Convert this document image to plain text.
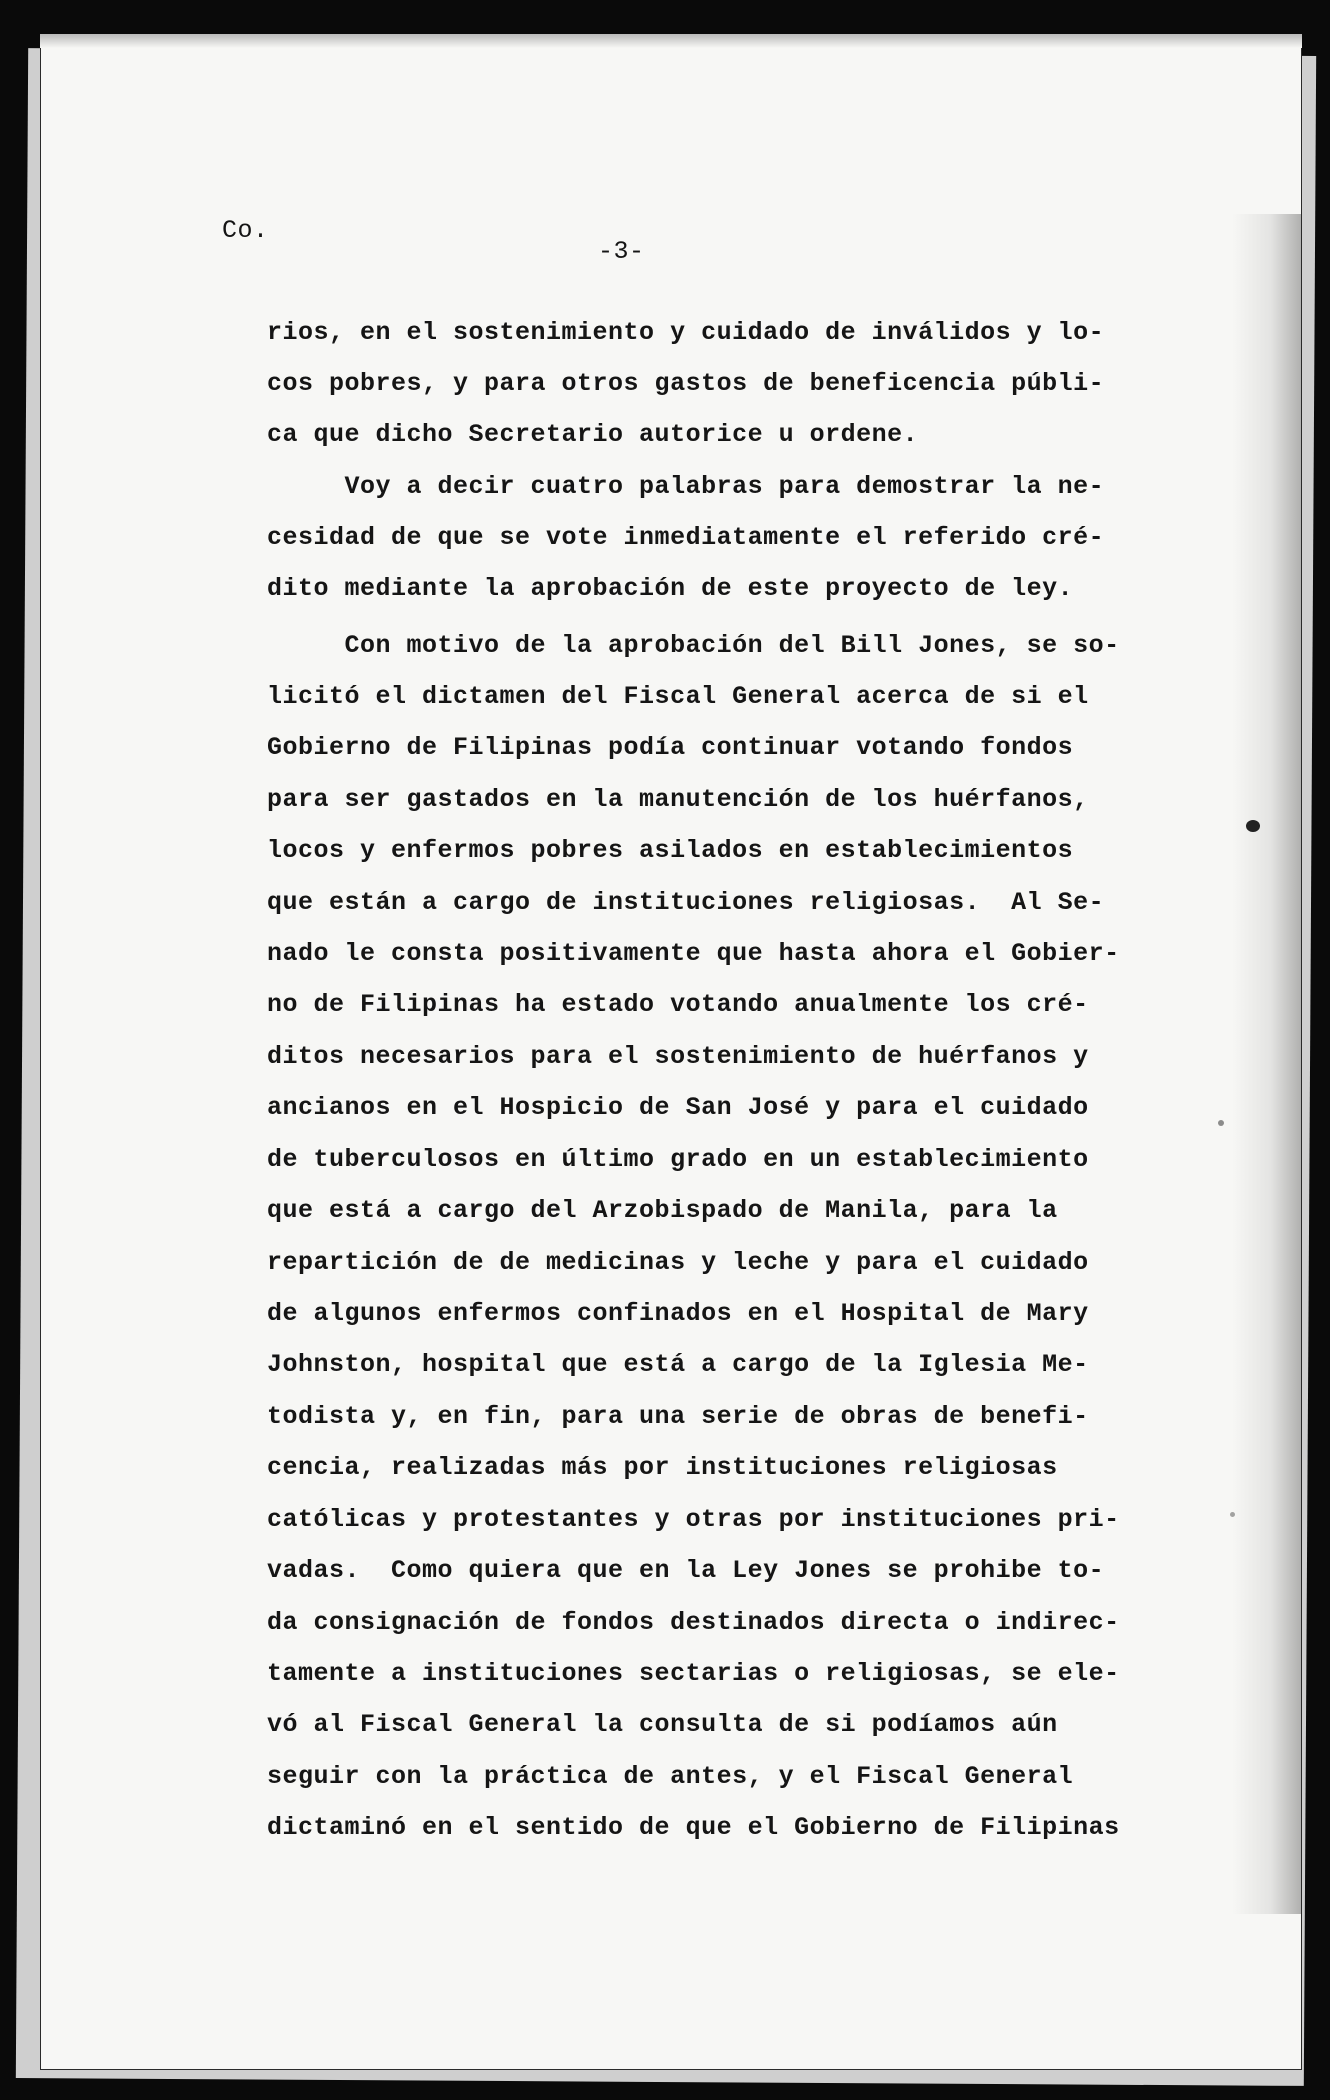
Co.
-3-
rios, en el sostenimiento y cuidado de inválidos y lo-
cos pobres, y para otros gastos de beneficencia públi-
ca que dicho Secretario autorice u ordene.
Voy a decir cuatro palabras para demostrar la ne-
cesidad de que se vote inmediatamente el referido cré-
dito mediante la aprobación de este proyecto de ley.
Con motivo de la aprobación del Bill Jones, se so-
licitó el dictamen del Fiscal General acerca de si el
Gobierno de Filipinas podía continuar votando fondos
para ser gastados en la manutención de los huérfanos,
locos y enfermos pobres asilados en establecimientos
que están a cargo de instituciones religiosas.  Al Se-
nado le consta positivamente que hasta ahora el Gobier-
no de Filipinas ha estado votando anualmente los cré-
ditos necesarios para el sostenimiento de huérfanos y
ancianos en el Hospicio de San José y para el cuidado
de tuberculosos en último grado en un establecimiento
que está a cargo del Arzobispado de Manila, para la
repartición de de medicinas y leche y para el cuidado
de algunos enfermos confinados en el Hospital de Mary
Johnston, hospital que está a cargo de la Iglesia Me-
todista y, en fin, para una serie de obras de benefi-
cencia, realizadas más por instituciones religiosas
católicas y protestantes y otras por instituciones pri-
vadas.  Como quiera que en la Ley Jones se prohibe to-
da consignación de fondos destinados directa o indirec-
tamente a instituciones sectarias o religiosas, se ele-
vó al Fiscal General la consulta de si podíamos aún
seguir con la práctica de antes, y el Fiscal General
dictaminó en el sentido de que el Gobierno de Filipinas
